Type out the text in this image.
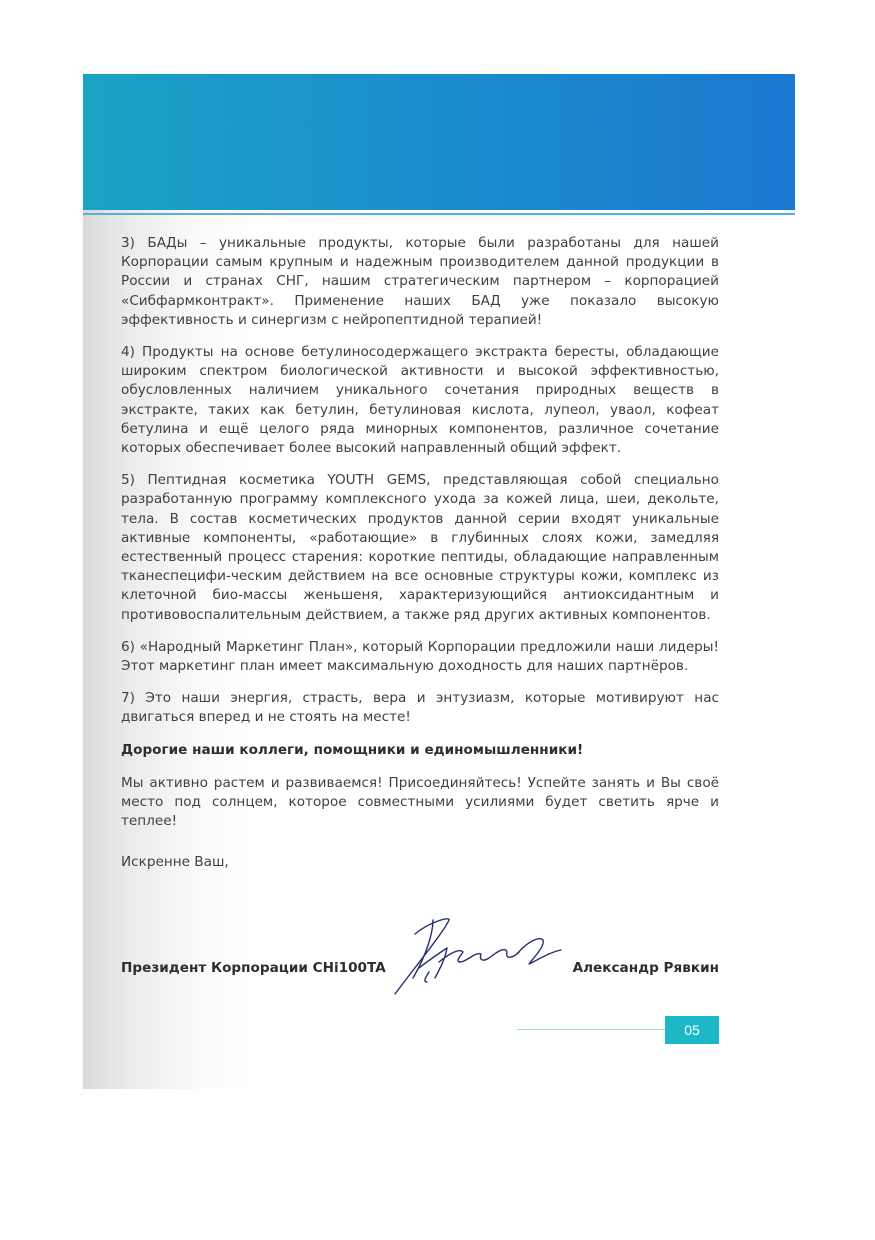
3) БАДы – уникальные продукты, которые были разработаны для нашей Корпорации самым крупным и надежным производителем данной продукции в России и странах СНГ, нашим стратегическим партнером – корпорацией «Сибфармконтракт». Применение наших БАД уже показало высокую эффективность и синергизм с нейропептидной терапией!

4) Продукты на основе бетулиносодержащего экстракта бересты, обладающие широким спектром биологической активности и высокой эффективностью, обусловленных наличием уникального сочетания природных веществ в экстракте, таких как бетулин, бетулиновая кислота, лупеол, уваол, кофеат бетулина и ещё целого ряда минорных компонентов, различное сочетание которых обеспечивает более высокий направленный общий эффект.

5) Пептидная косметика YOUTH GEMS, представляющая собой специально разработанную программу комплексного ухода за кожей лица, шеи, декольте, тела. В состав косметических продуктов данной серии входят уникальные активные компоненты, «работающие» в глубинных слоях кожи, замедляя естественный процесс старения: короткие пептиды, обладающие направленным тканеспецифи-ческим действием на все основные структуры кожи, комплекс из клеточной био-массы женьшеня, характеризующийся антиоксидантным и противовоспалительным действием, а также ряд других активных компонентов.

6) «Народный Маркетинг План», который Корпорации предложили наши лидеры! Этот маркетинг план имеет максимальную доходность для наших партнёров.

7) Это наши энергия, страсть, вера и энтузиазм, которые мотивируют нас двигаться вперед и не стоять на месте!

Дорогие наши коллеги, помощники и единомышленники!

Мы активно растем и развиваемся! Присоединяйтесь! Успейте занять и Вы своё место под солнцем, которое совместными усилиями будет светить ярче и теплее!

Искренне Ваш,

Президент Корпорации CHi100TA	Александр Рявкин
05
